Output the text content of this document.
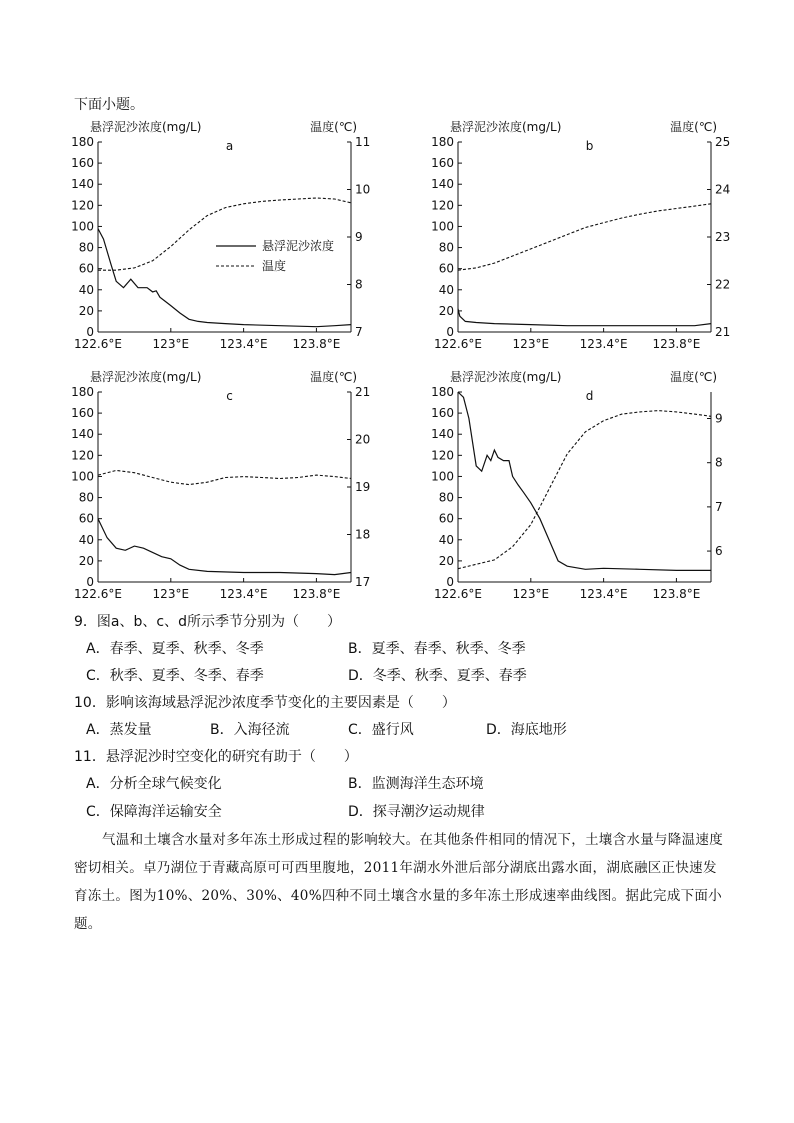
下面小题。
悬浮泥沙浓度(mg/L)	温度(℃)
a
0
20
40
60
80
100
120
140
160
180
7
8
9
10
11
122.6°E	123°E	123.4°E 123.8°E
悬浮泥沙浓度
温度
悬浮泥沙浓度(mg/L)	温度(℃)
b
0
20
40
60
80
100
120
140
160
180
21
22
23
24
25
122.6°E	123°E	123.4°E 123.8°E
悬浮泥沙浓度(mg/L)	温度(℃)
c
0
20
40
60
80
100
120
140
160
180
17
18
19
20
21
122.6°E	123°E	123.4°E 123.8°E
悬浮泥沙浓度(mg/L)	温度(℃)
d
0
20
40
60
80
100
120
140
160
180
6
7
8
9
122.6°E	123°E	123.4°E 123.8°E
9．图a、b、c、d所示季节分别为（　　）
A．春季、夏季、秋季、冬季	B．夏季、春季、秋季、冬季
C．秋季、夏季、冬季、春季	D．冬季、秋季、夏季、春季
10．影响该海域悬浮泥沙浓度季节变化的主要因素是（　　）
A．蒸发量	B．入海径流	C．盛行风	D．海底地形
11．悬浮泥沙时空变化的研究有助于（　　）
A．分析全球气候变化	B．监测海洋生态环境
C．保障海洋运输安全	D．探寻潮汐运动规律
气温和土壤含水量对多年冻土形成过程的影响较大。在其他条件相同的情况下，土壤含水量与降温速度密切相关。卓乃湖位于青藏高原可可西里腹地，2011年湖水外泄后部分湖底出露水面，湖底融区正快速发育冻土。图为10%、20%、30%、40%四种不同土壤含水量的多年冻土形成速率曲线图。据此完成下面小题。
